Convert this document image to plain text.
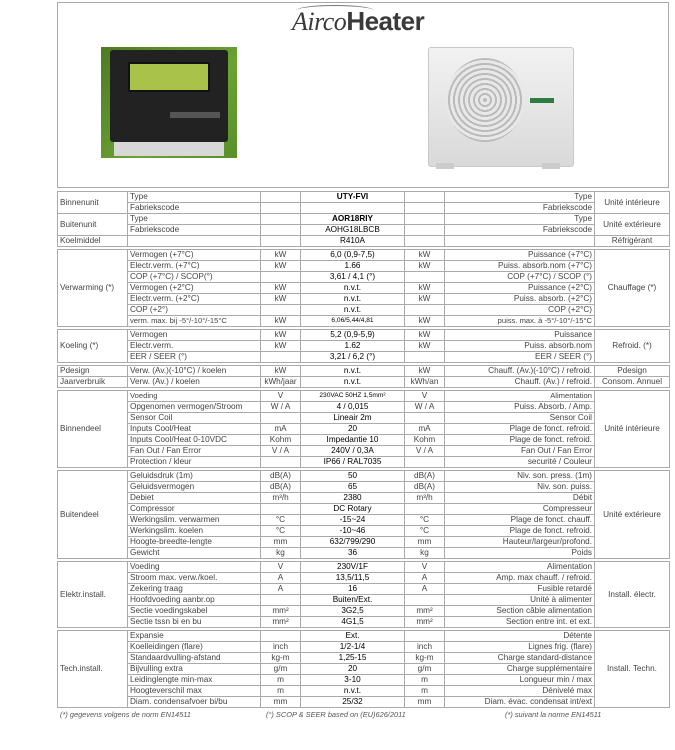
AircoHeater
Binnenunit	Type		UTY-FVI		Type	Unité intérieure
	Fabriekscode				Fabriekscode	
Buitenunit	Type		AOR18RIY		Type	Unité extérieure
	Fabriekscode		AOHG18LBCB		Fabriekscode	
Koelmiddel			R410A			Réfrigérant

Verwarming (*)	Vermogen (+7°C)	kW	6,0 (0,9-7,5)	kW	Puissance (+7°C)	Chauffage (*)
	Electr.verm. (+7°C)	kW	1.66	kW	Puiss. absorb.nom (+7°C)	
	COP (+7°C) / SCOP(°)		3,61 / 4,1 (°)		COP (+7°C) / SCOP (°)	
	Vermogen (+2°C)	kW	n.v.t.	kW	Puissance (+2°C)	
	Electr.verm. (+2°C)	kW	n.v.t.	kW	Puiss. absorb. (+2°C)	
	COP (+2°)		n.v.t.		COP (+2°C)	
	verm. max. bij -5°/-10°/-15°C	kW	6,06/5,44/4,81	kW	puiss. max. à -5°/-10°/-15°C	

Koeling (*)	Vermogen	kW	5,2 (0,9-5,9)	kW	Puissance	Refroid. (*)
	Electr.verm.	kW	1.62	kW	Puiss. absorb.nom	
	EER / SEER (°)		3,21 / 6,2 (°)		EER / SEER (°)	

Pdesign	Verw. (Av.)(-10°C) / koelen	kW	n.v.t.	kW	Chauff. (Av.)(-10°C) / refroid.	Pdesign
Jaarverbruik	Verw. (Av.) / koelen	kWh/jaar	n.v.t.	kWh/an	Chauff. (Av.) / refroid.	Consom. Annuel

Binnendeel	Voeding	V	230VAC 50HZ 1,5mm²	V	Alimentation	Unité intérieure
	Opgenomen vermogen/Stroom	W / A	4 / 0,015	W / A	Puiss. Absorb. / Amp.	
	Sensor Coil		Lineair 2m		Sensor Coil	
	Inputs Cool/Heat	mA	20	mA	Plage de fonct. refroid.	
	Inputs Cool/Heat 0-10VDC	Kohm	Impedantie 10	Kohm	Plage de fonct. refroid.	
	Fan Out / Fan Error	V / A	240V / 0,3A	V / A	Fan Out / Fan Error	
	Protection / kleur		IP66 / RAL7035		securité / Couleur	

Buitendeel	Geluidsdruk (1m)	dB(A)	50	dB(A)	Niv. son. press. (1m)	Unité extérieure
	Geluidsvermogen	dB(A)	65	dB(A)	Niv. son. puiss.	
	Debiet	m³/h	2380	m³/h	Débit	
	Compressor		DC Rotary		Compresseur	
	Werkingslim. verwarmen	°C	-15~24	°C	Plage de fonct. chauff.	
	Werkingslim. koelen	°C	-10~46	°C	Plage de fonct. refroid.	
	Hoogte-breedte-lengte	mm	632/799/290	mm	Hauteur/largeur/profond.	
	Gewicht	kg	36	kg	Poids	

Elektr.install.	Voeding	V	230V/1F	V	Alimentation	Install. électr.
	Stroom max. verw./koel.	A	13,5/11,5	A	Amp. max chauff. / refroid.	
	Zekering traag	A	16	A	Fusible retardé	
	Hoofdvoeding aanbr.op		Buiten/Ext.		Unité à alimenter	
	Sectie voedingskabel	mm²	3G2,5	mm²	Section câble alimentation	
	Sectie tssn bi en bu	mm²	4G1,5	mm²	Section entre int. et ext.	

Tech.install.	Expansie		Ext.		Détente	Install. Techn.
	Koelleidingen (flare)	inch	1/2-1/4	inch	Lignes frig. (flare)	
	Standaardvulling-afstand	kg-m	1,25-15	kg-m	Charge standard-distance	
	Bijvulling extra	g/m	20	g/m	Charge supplémentaire	
	Leidinglengte min-max	m	3-10	m	Longueur min / max	
	Hoogteverschil max	m	n.v.t.	m	Dénivelé max	
	Diam. condensafvoer bi/bu	mm	25/32	mm	Diam. évac. condensat int/ext	
(*) gegevens volgens de norm EN14511	(°) SCOP & SEER based on (EU)626/2011	(*) suivant la norme EN14511
